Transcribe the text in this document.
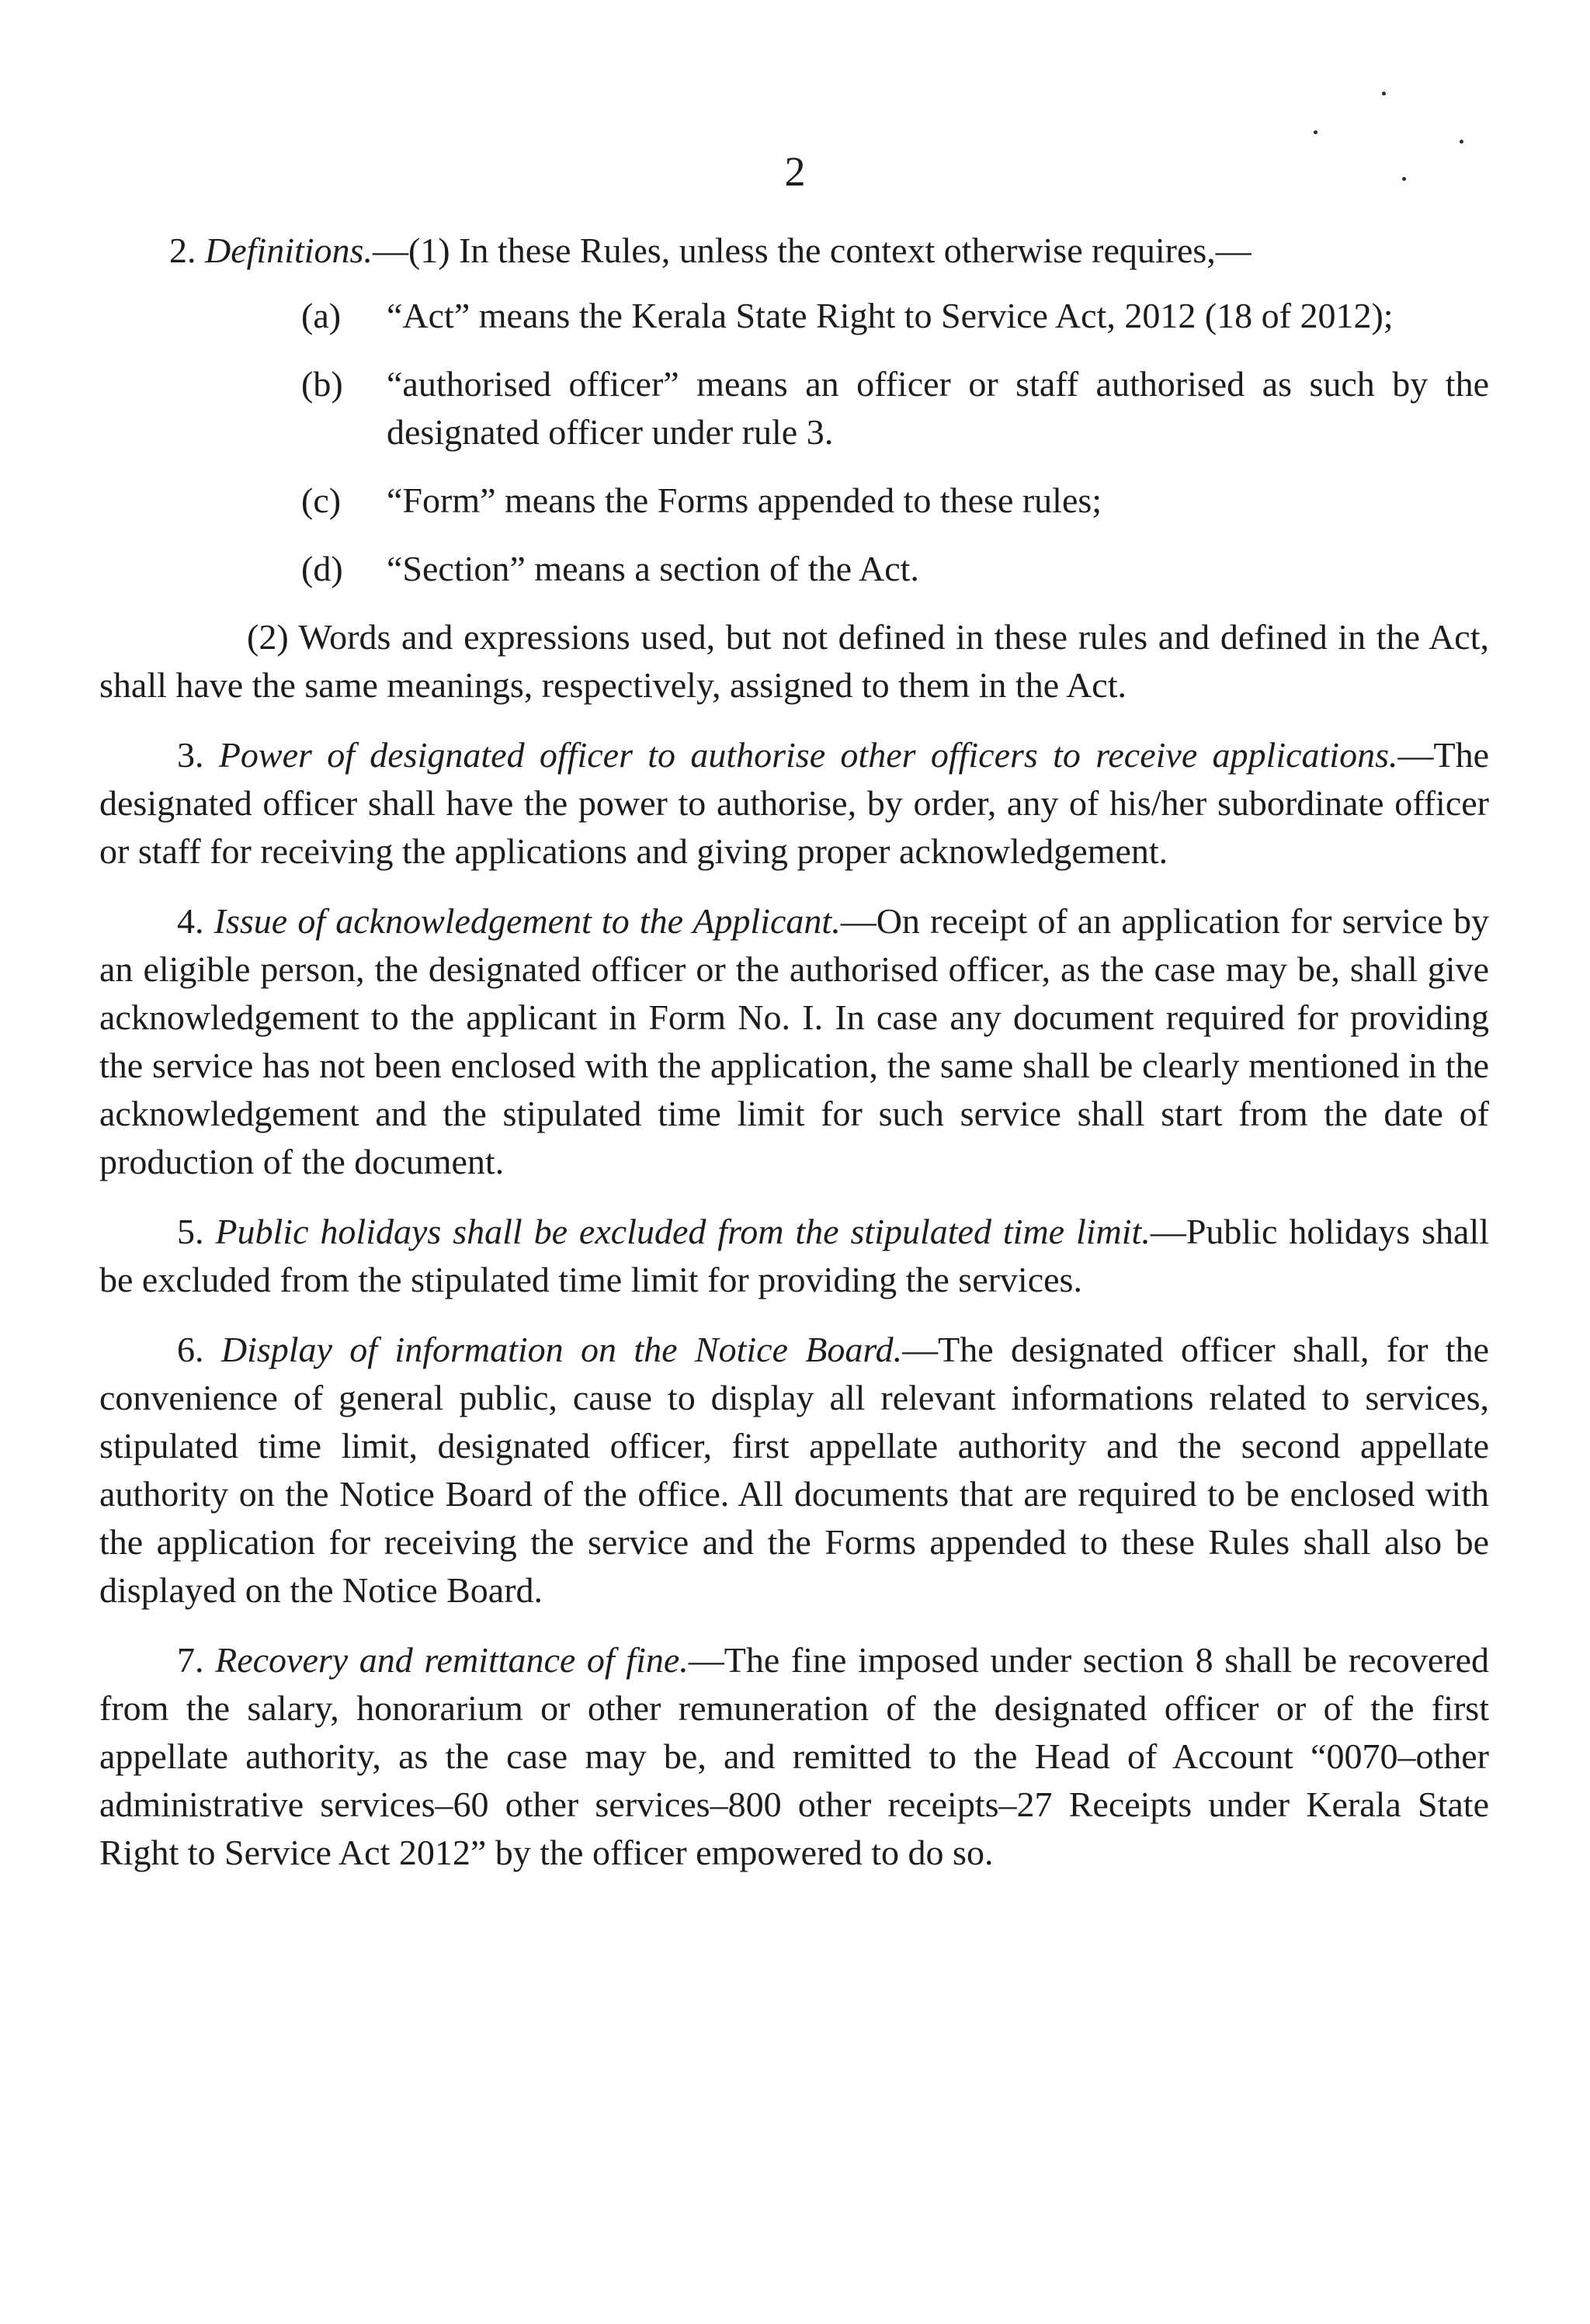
2

2. Definitions.—(1) In these Rules, unless the context otherwise requires,—

(a)	“Act” means the Kerala State Right to Service Act, 2012 (18 of 2012);
(b)	“authorised officer” means an officer or staff authorised as such by the designated officer under rule 3.
(c)	“Form” means the Forms appended to these rules;
(d)	“Section” means a section of the Act.

(2) Words and expressions used, but not defined in these rules and defined in the Act, shall have the same meanings, respectively, assigned to them in the Act.

3. Power of designated officer to authorise other officers to receive applications.—The designated officer shall have the power to authorise, by order, any of his/her subordinate officer or staff for receiving the applications and giving proper acknowledgement.

4. Issue of acknowledgement to the Applicant.—On receipt of an application for service by an eligible person, the designated officer or the authorised officer, as the case may be, shall give acknowledgement to the applicant in Form No. I. In case any document required for providing the service has not been enclosed with the application, the same shall be clearly mentioned in the acknowledgement and the stipulated time limit for such service shall start from the date of production of the document.

5. Public holidays shall be excluded from the stipulated time limit.—Public holidays shall be excluded from the stipulated time limit for providing the services.

6. Display of information on the Notice Board.—The designated officer shall, for the convenience of general public, cause to display all relevant informations related to services, stipulated time limit, designated officer, first appellate authority and the second appellate authority on the Notice Board of the office. All documents that are required to be enclosed with the application for receiving the service and the Forms appended to these Rules shall also be displayed on the Notice Board.

7. Recovery and remittance of fine.—The fine imposed under section 8 shall be recovered from the salary, honorarium or other remuneration of the designated officer or of the first appellate authority, as the case may be, and remitted to the Head of Account “0070–other administrative services–60 other services–800 other receipts–27 Receipts under Kerala State Right to Service Act 2012” by the officer empowered to do so.
